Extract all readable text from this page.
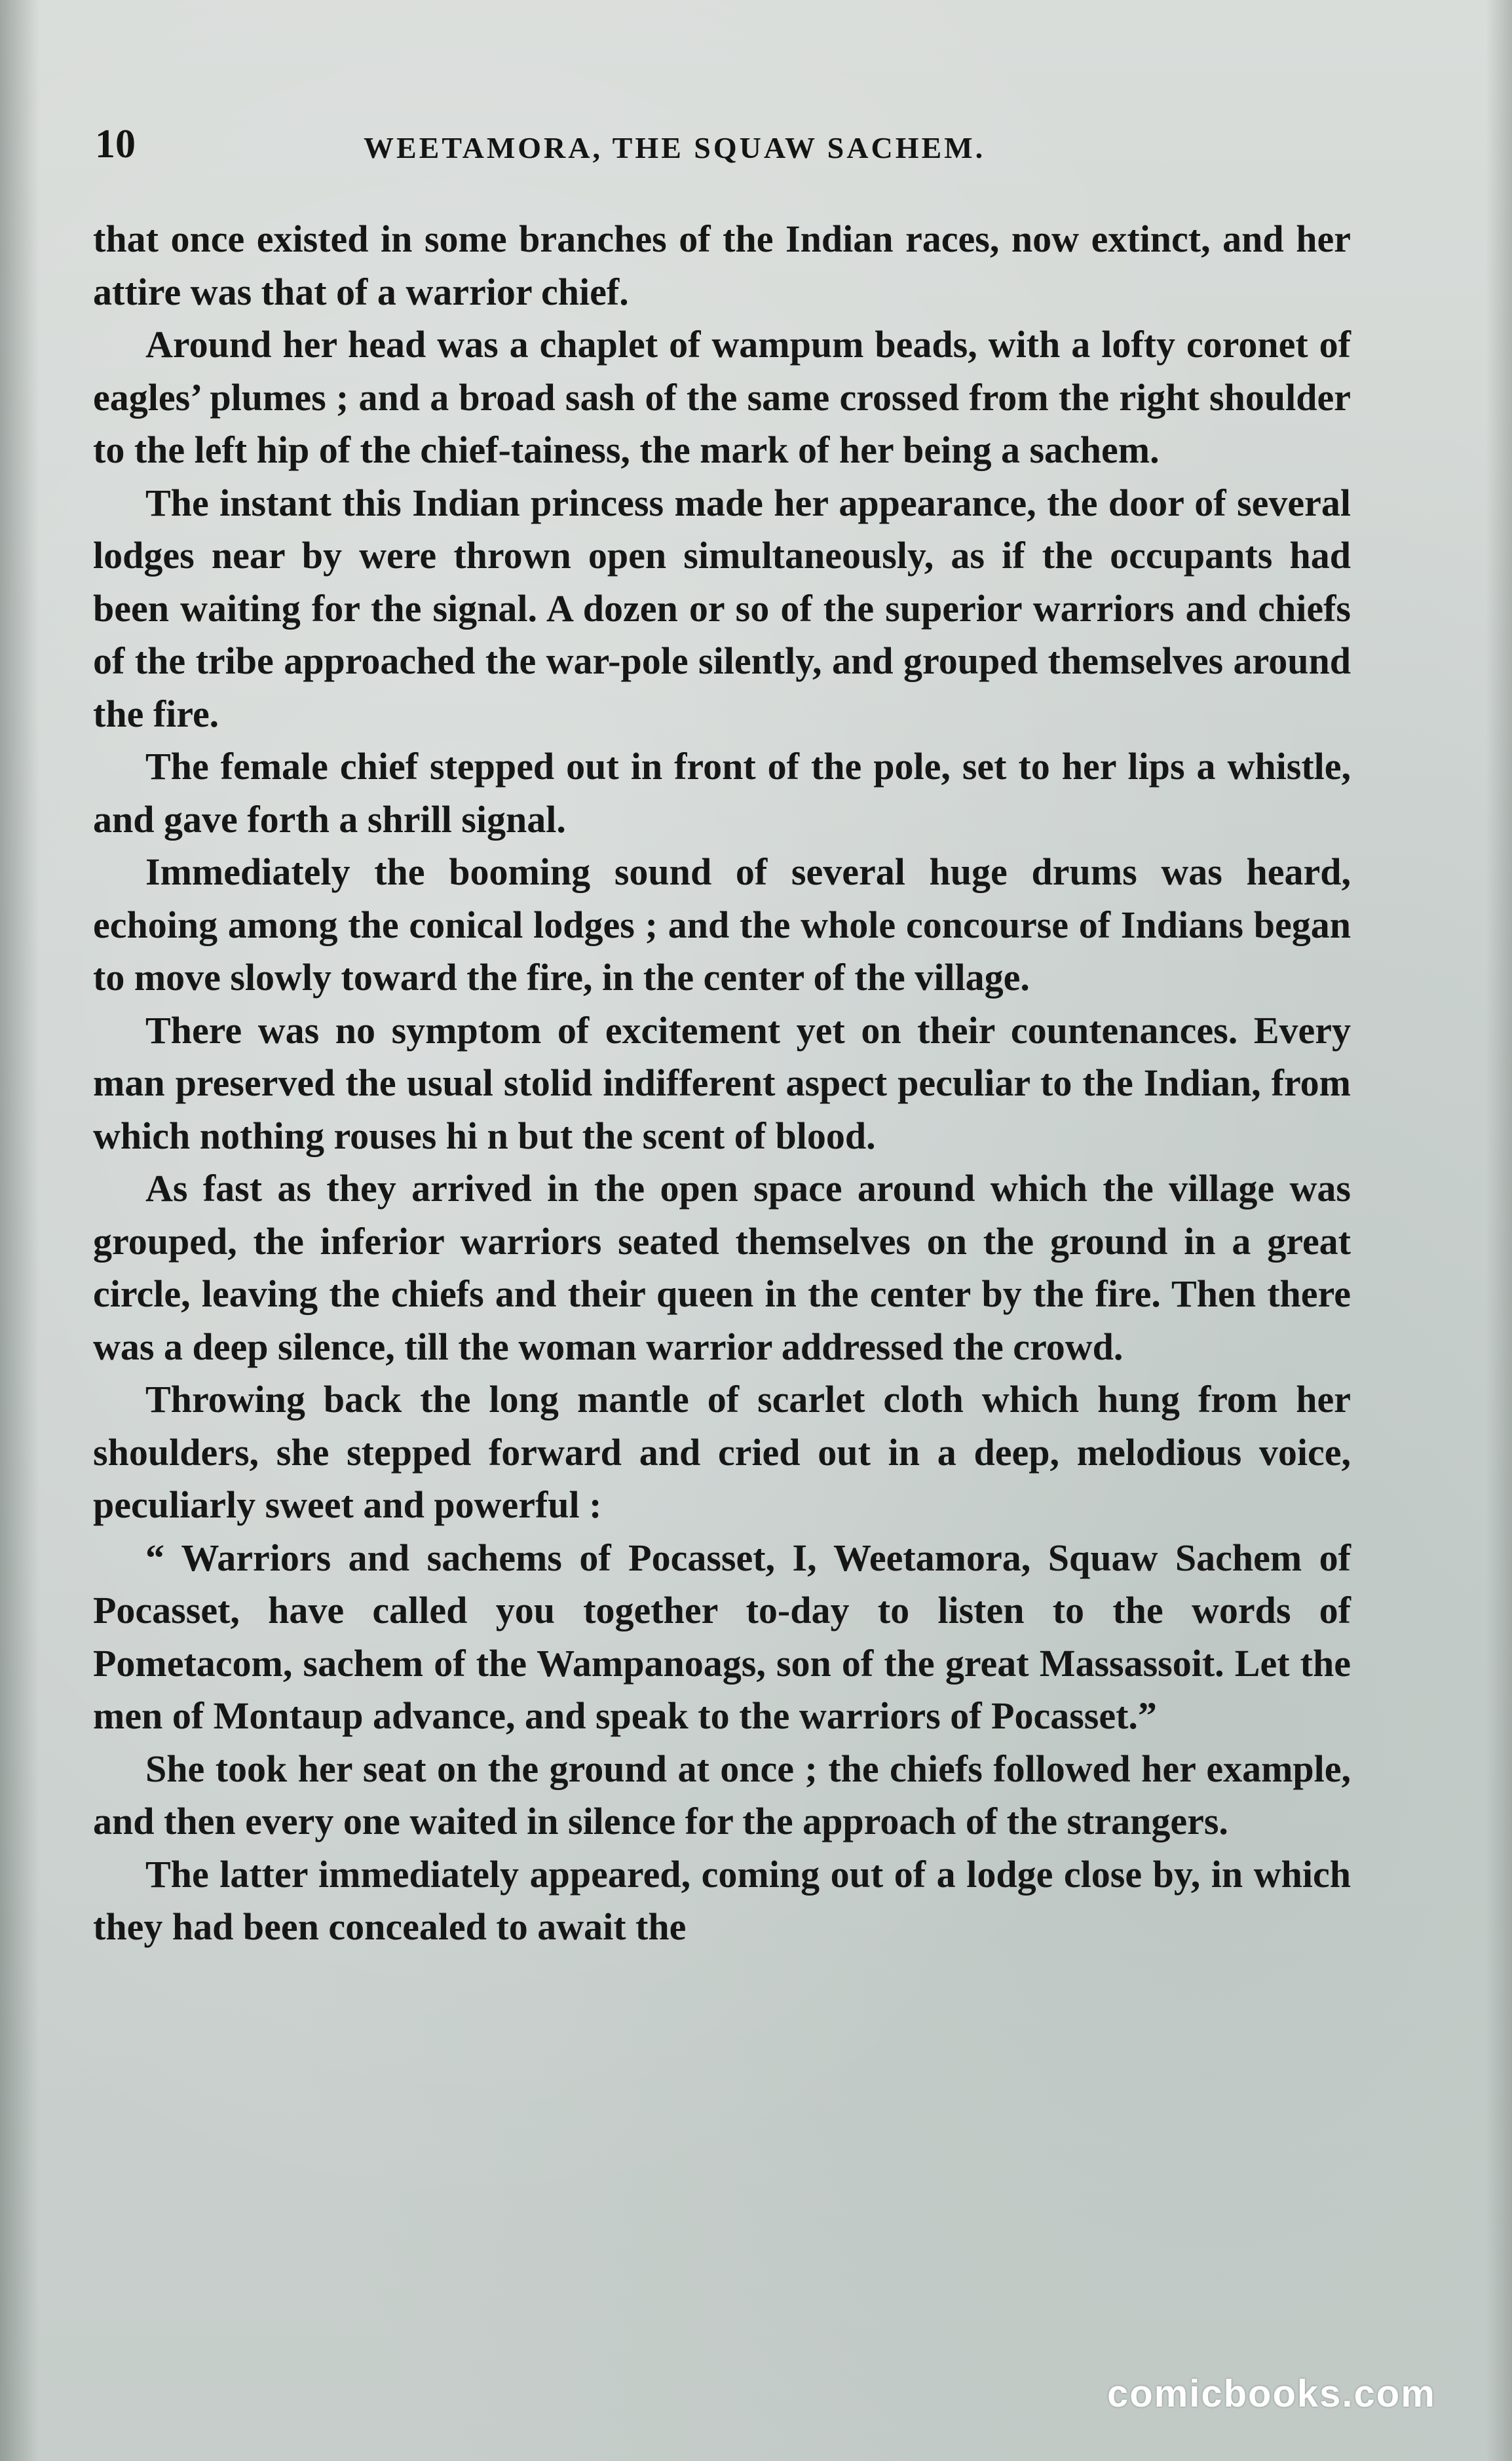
10	WEETAMORA, THE SQUAW SACHEM.

that once existed in some branches of the Indian races, now extinct, and her attire was that of a warrior chief.

Around her head was a chaplet of wampum beads, with a lofty coronet of eagles’ plumes ; and a broad sash of the same crossed from the right shoulder to the left hip of the chief-tainess, the mark of her being a sachem.

The instant this Indian princess made her appearance, the door of several lodges near by were thrown open simultaneously, as if the occupants had been waiting for the signal. A dozen or so of the superior warriors and chiefs of the tribe approached the war-pole silently, and grouped themselves around the fire.

The female chief stepped out in front of the pole, set to her lips a whistle, and gave forth a shrill signal.

Immediately the booming sound of several huge drums was heard, echoing among the conical lodges ; and the whole concourse of Indians began to move slowly toward the fire, in the center of the village.

There was no symptom of excitement yet on their countenances. Every man preserved the usual stolid indifferent aspect peculiar to the Indian, from which nothing rouses hi n but the scent of blood.

As fast as they arrived in the open space around which the village was grouped, the inferior warriors seated themselves on the ground in a great circle, leaving the chiefs and their queen in the center by the fire. Then there was a deep silence, till the woman warrior addressed the crowd.

Throwing back the long mantle of scarlet cloth which hung from her shoulders, she stepped forward and cried out in a deep, melodious voice, peculiarly sweet and powerful :

“ Warriors and sachems of Pocasset, I, Weetamora, Squaw Sachem of Pocasset, have called you together to-day to listen to the words of Pometacom, sachem of the Wampanoags, son of the great Massassoit. Let the men of Montaup advance, and speak to the warriors of Pocasset.”

She took her seat on the ground at once ; the chiefs followed her example, and then every one waited in silence for the approach of the strangers.

The latter immediately appeared, coming out of a lodge close by, in which they had been concealed to await the

comicbooks.com
